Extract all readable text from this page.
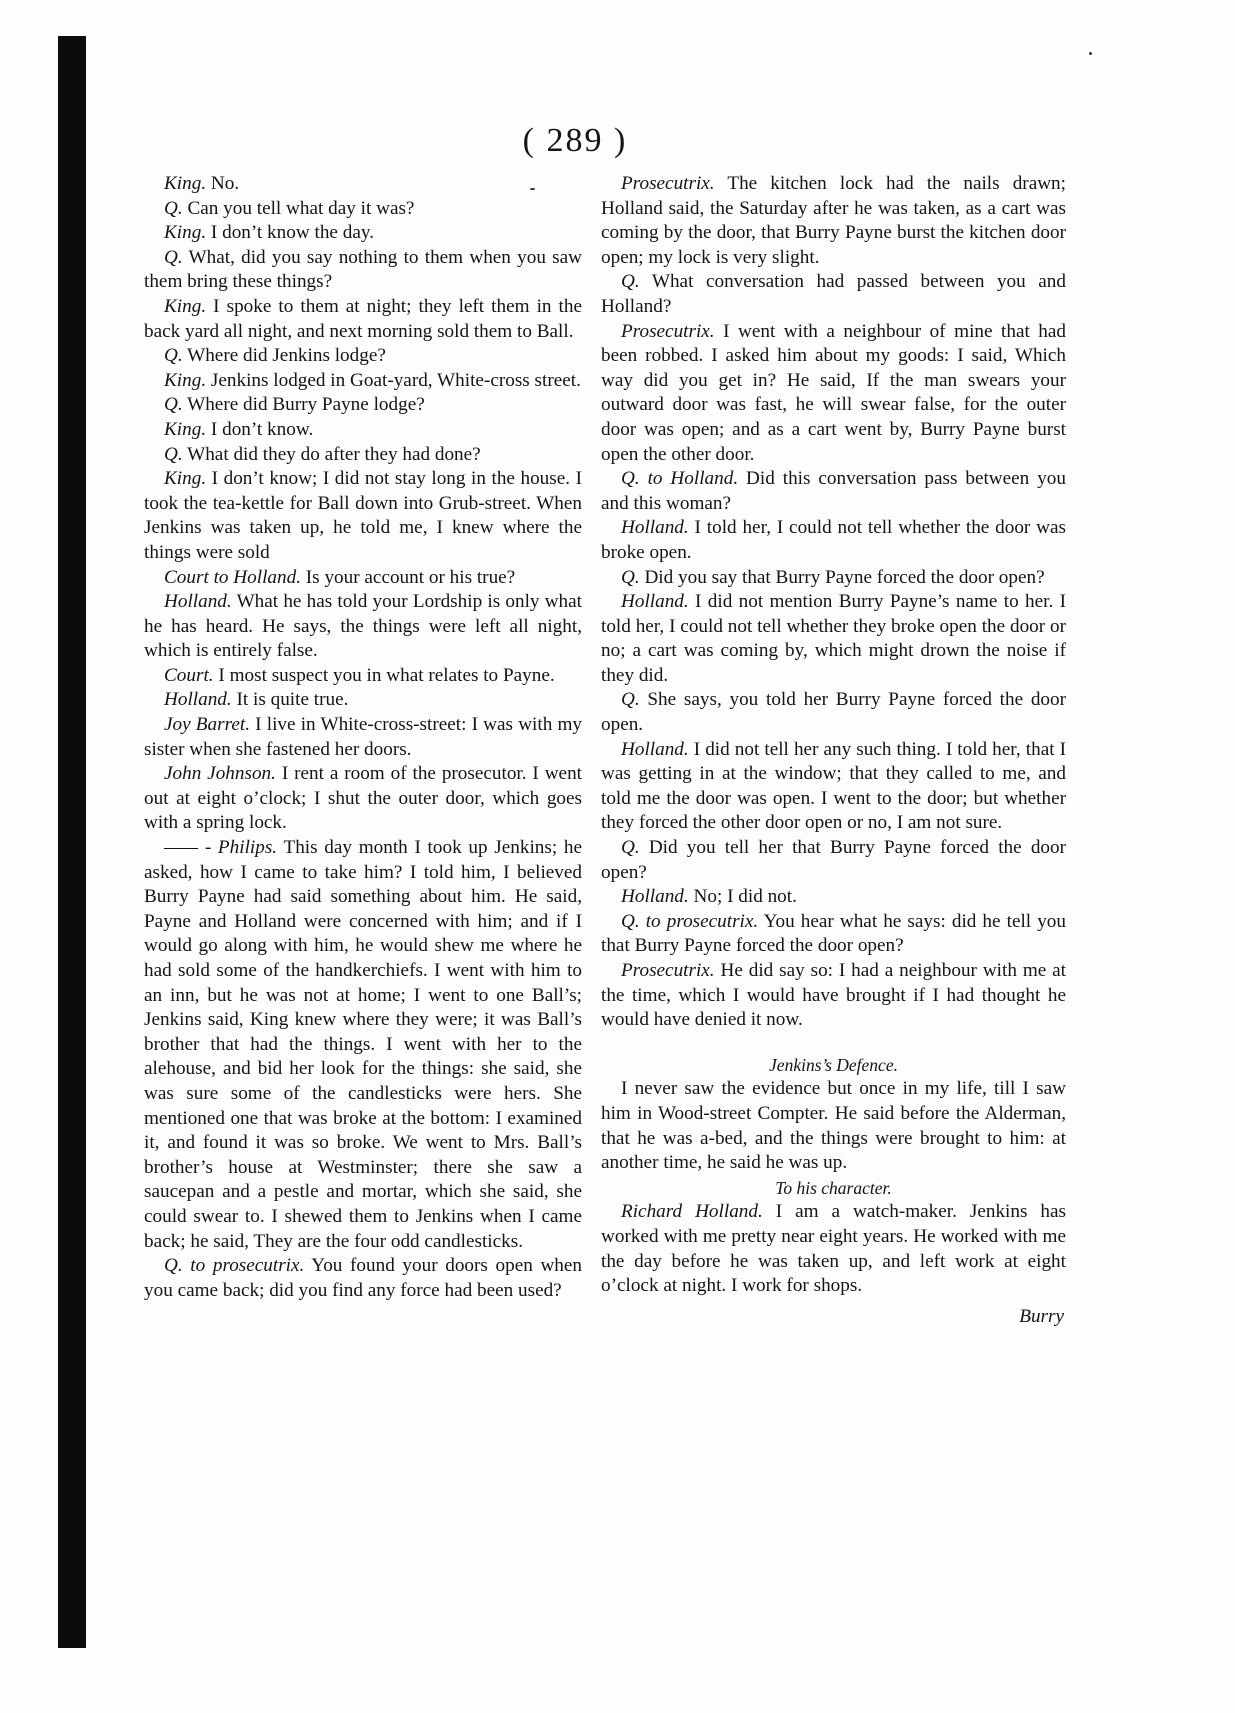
( 289 )

King. No.

Q. Can you tell what day it was?

King. I don’t know the day.

Q. What, did you say nothing to them when you saw them bring these things?

King. I spoke to them at night; they left them in the back yard all night, and next morning sold them to Ball.

Q. Where did Jenkins lodge?

King. Jenkins lodged in Goat-yard, White-cross street.

Q. Where did Burry Payne lodge?

King. I don’t know.

Q. What did they do after they had done?

King. I don’t know; I did not stay long in the house. I took the tea-kettle for Ball down into Grub-street. When Jenkins was taken up, he told me, I knew where the things were sold

Court to Holland. Is your account or his true?

Holland. What he has told your Lordship is only what he has heard. He says, the things were left all night, which is entirely false.

Court. I most suspect you in what relates to Payne.

Holland. It is quite true.

Joy Barret. I live in White-cross-street: I was with my sister when she fastened her doors.

John Johnson. I rent a room of the prosecutor. I went out at eight o’clock; I shut the outer door, which goes with a spring lock.

—— - Philips. This day month I took up Jenkins; he asked, how I came to take him? I told him, I believed Burry Payne had said something about him. He said, Payne and Holland were concerned with him; and if I would go along with him, he would shew me where he had sold some of the handkerchiefs. I went with him to an inn, but he was not at home; I went to one Ball’s; Jenkins said, King knew where they were; it was Ball’s brother that had the things. I went with her to the alehouse, and bid her look for the things: she said, she was sure some of the candlesticks were hers. She mentioned one that was broke at the bottom: I examined it, and found it was so broke. We went to Mrs. Ball’s brother’s house at Westminster; there she saw a saucepan and a pestle and mortar, which she said, she could swear to. I shewed them to Jenkins when I came back; he said, They are the four odd candlesticks.

Q. to prosecutrix. You found your doors open when you came back; did you find any force had been used?

Prosecutrix. The kitchen lock had the nails drawn; Holland said, the Saturday after he was taken, as a cart was coming by the door, that Burry Payne burst the kitchen door open; my lock is very slight.

Q. What conversation had passed between you and Holland?

Prosecutrix. I went with a neighbour of mine that had been robbed. I asked him about my goods: I said, Which way did you get in? He said, If the man swears your outward door was fast, he will swear false, for the outer door was open; and as a cart went by, Burry Payne burst open the other door.

Q. to Holland. Did this conversation pass between you and this woman?

Holland. I told her, I could not tell whether the door was broke open.

Q. Did you say that Burry Payne forced the door open?

Holland. I did not mention Burry Payne’s name to her. I told her, I could not tell whether they broke open the door or no; a cart was coming by, which might drown the noise if they did.

Q. She says, you told her Burry Payne forced the door open.

Holland. I did not tell her any such thing. I told her, that I was getting in at the window; that they called to me, and told me the door was open. I went to the door; but whether they forced the other door open or no, I am not sure.

Q. Did you tell her that Burry Payne forced the door open?

Holland. No; I did not.

Q. to prosecutrix. You hear what he says: did he tell you that Burry Payne forced the door open?

Prosecutrix. He did say so: I had a neighbour with me at the time, which I would have brought if I had thought he would have denied it now.

Jenkins’s Defence.

I never saw the evidence but once in my life, till I saw him in Wood-street Compter. He said before the Alderman, that he was a-bed, and the things were brought to him: at another time, he said he was up.

To his character.

Richard Holland. I am a watch-maker. Jenkins has worked with me pretty near eight years. He worked with me the day before he was taken up, and left work at eight o’clock at night. I work for shops.

Burry
